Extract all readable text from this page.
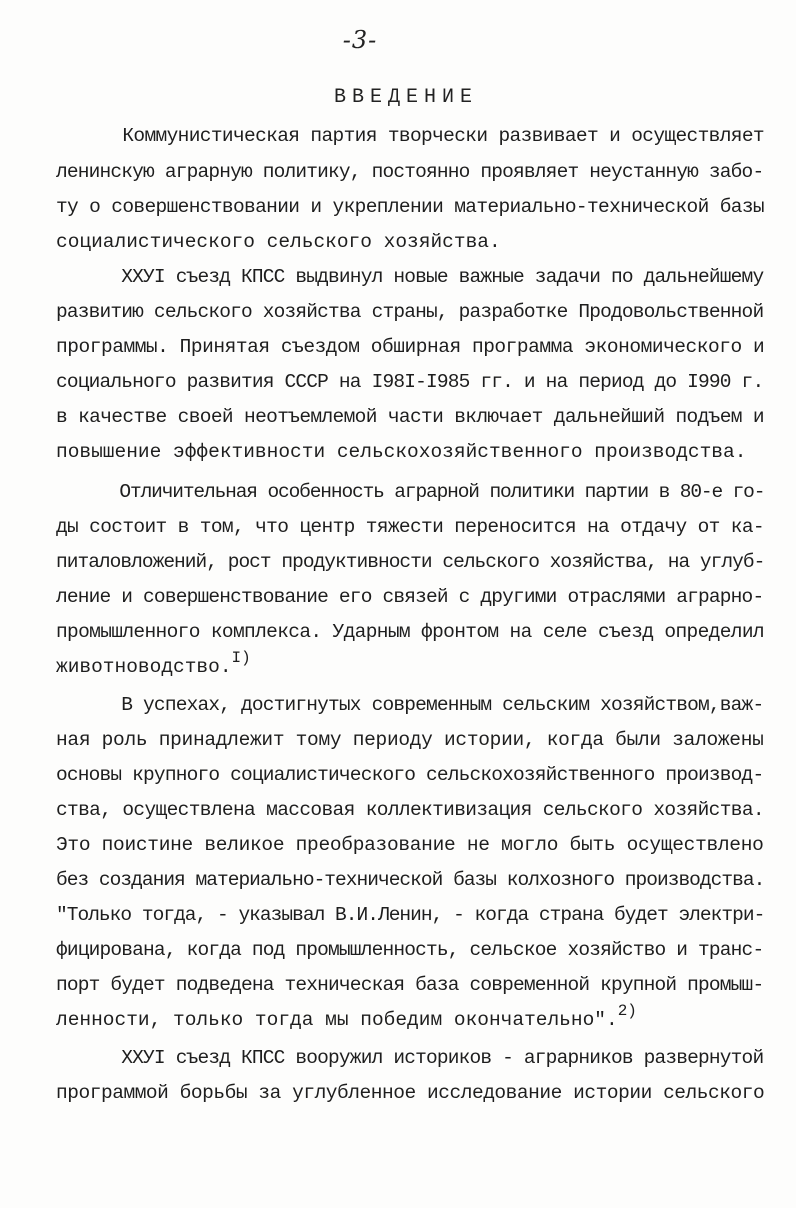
-3-
ВВЕДЕНИЕ
Коммунистическая партия творчески развивает и осуществляет
ленинскую аграрную политику, постоянно проявляет неустанную забо-
ту о совершенствовании и укреплении материально-технической базы
социалистического сельского хозяйства.
ХХУI съезд КПСС выдвинул новые важные задачи по дальнейшему
развитию сельского хозяйства страны, разработке Продовольственной
программы. Принятая съездом обширная программа экономического и
социального развития СССР на I98I-I985 гг. и на период до I990 г.
в качестве своей неотъемлемой части включает дальнейший подъем и
повышение эффективности сельскохозяйственного производства.
Отличительная особенность аграрной политики партии в 80-е го-
ды состоит в том, что центр тяжести переносится на отдачу от ка-
питаловложений, рост продуктивности сельского хозяйства, на углуб-
ление и совершенствование его связей с другими отраслями аграрно-
промышленного комплекса. Ударным фронтом на селе съезд определил
животноводство.$^{I)}$
В успехах, достигнутых современным сельским хозяйством,важ-
ная роль принадлежит тому периоду истории, когда были заложены
основы крупного социалистического сельскохозяйственного производ-
ства, осуществлена массовая коллективизация сельского хозяйства.
Это поистине великое преобразование не могло быть осуществлено
без создания материально-технической базы колхозного производства.
"Только тогда, - указывал В.И.Ленин, - когда страна будет электри-
фицирована, когда под промышленность, сельское хозяйство и транс-
порт будет подведена техническая база современной крупной промыш-
ленности, только тогда мы победим окончательно".$^{2)}$
ХХУI съезд КПСС вооружил историков - аграрников развернутой
программой борьбы за углубленное исследование истории сельского
